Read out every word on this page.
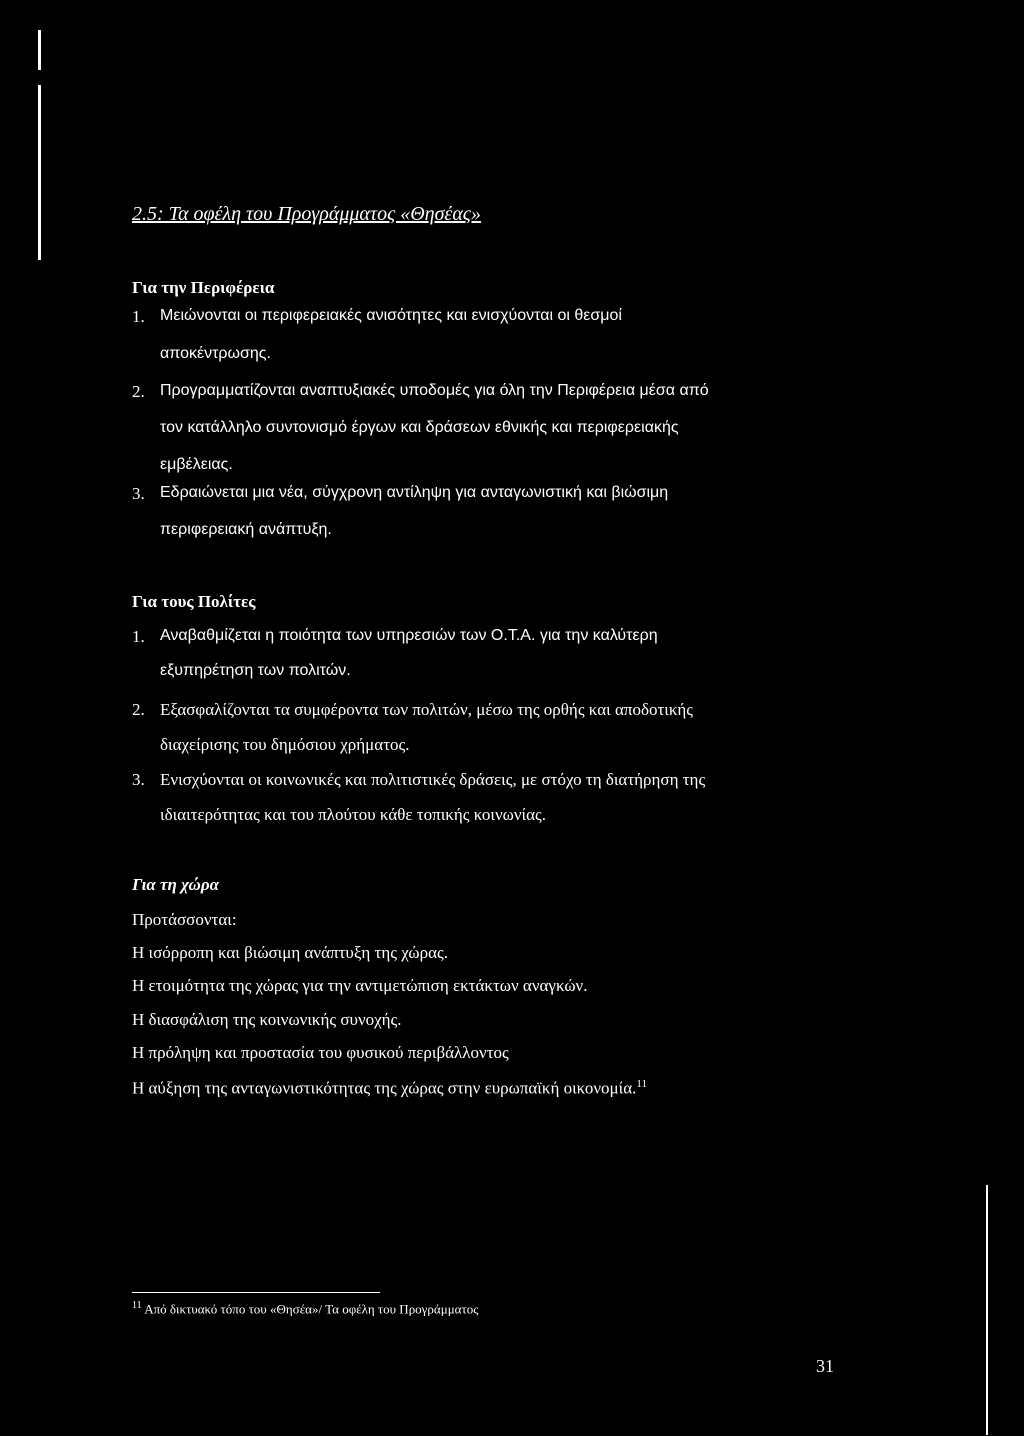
2.5: Τα οφέλη του Προγράμματος «Θησέας»
Για την Περιφέρεια
1. Μειώνονται οι περιφερειακές ανισότητες και ενισχύονται οι θεσμοί
αποκέντρωσης.
2. Προγραμματίζονται αναπτυξιακές υποδομές για όλη την Περιφέρεια μέσα από
τον κατάλληλο συντονισμό έργων και δράσεων εθνικής και περιφερειακής
εμβέλειας.
3. Εδραιώνεται μια νέα, σύγχρονη αντίληψη για ανταγωνιστική και βιώσιμη
περιφερειακή ανάπτυξη.
Για τους Πολίτες
1. Αναβαθμίζεται η ποιότητα των υπηρεσιών των Ο.Τ.Α. για την καλύτερη
εξυπηρέτηση των πολιτών.
2. Εξασφαλίζονται τα συμφέροντα των πολιτών, μέσω της ορθής και αποδοτικής
διαχείρισης του δημόσιου χρήματος.
3. Ενισχύονται οι κοινωνικές και πολιτιστικές δράσεις, με στόχο τη διατήρηση της
ιδιαιτερότητας και του πλούτου κάθε τοπικής κοινωνίας.
Για τη χώρα
Προτάσσονται:
Η ισόρροπη και βιώσιμη ανάπτυξη της χώρας.
Η ετοιμότητα της χώρας για την αντιμετώπιση εκτάκτων αναγκών.
Η διασφάλιση της κοινωνικής συνοχής.
Η πρόληψη και προστασία του φυσικού περιβάλλοντος
Η αύξηση της ανταγωνιστικότητας της χώρας στην ευρωπαϊκή οικονομία.$^{11}$
$^{11}$ Από δικτυακό τόπο του «Θησέα»/ Τα οφέλη του Προγράμματος
31
